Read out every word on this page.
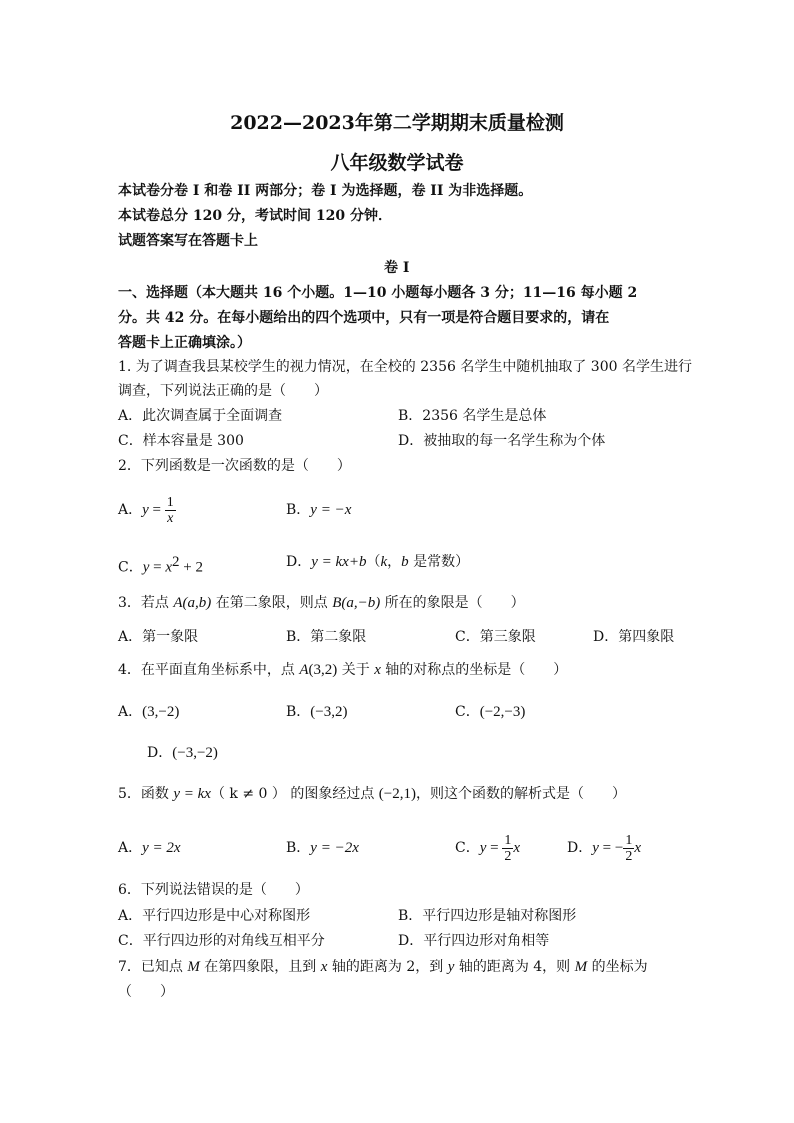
2022—2023年第二学期期末质量检测
八年级数学试卷
本试卷分卷 I 和卷 II 两部分；卷 I 为选择题，卷 II 为非选择题。
本试卷总分 120 分，考试时间 120 分钟．
试题答案写在答题卡上
卷 I
一、选择题（本大题共 16 个小题。1—10 小题每小题各 3 分；11—16 每小题 2
分。共 42 分。在每小题给出的四个选项中，只有一项是符合题目要求的，请在
答题卡上正确填涂。）
1. 为了调查我县某校学生的视力情况，在全校的 2356 名学生中随机抽取了 300 名学生进行
调查，下列说法正确的是（　　）
A．此次调查属于全面调查	B．2356 名学生是总体
C．样本容量是 300	D．被抽取的每一名学生称为个体
2．下列函数是一次函数的是（　　）
A．$y = \frac{1}{x}$	B．y = −x
C．$y = x^2 + 2$	D．y = kx+b（k，b 是常数）
3．若点 A(a,b) 在第二象限，则点 B(a,−b) 所在的象限是（　　）
A．第一象限	B．第二象限	C．第三象限	D．第四象限
4．在平面直角坐标系中，点 A(3,2) 关于 x 轴的对称点的坐标是（　　）
A．(3,−2)	B．(−3,2)	C．(−2,−3)
D．(−3,−2)
5．函数 y = kx（ k ≠ 0 ） 的图象经过点 (−2,1)，则这个函数的解析式是（　　）
A．y = 2x	B．y = −2x	C．$y = \frac{1}{2}$ x	D．y = − $\frac{1}{2}$ x
6．下列说法错误的是（　　）
A．平行四边形是中心对称图形	B．平行四边形是轴对称图形
C．平行四边形的对角线互相平分	D．平行四边形对角相等
7．已知点 M 在第四象限，且到 x 轴的距离为 2，到 y 轴的距离为 4，则 M 的坐标为
（　　）
